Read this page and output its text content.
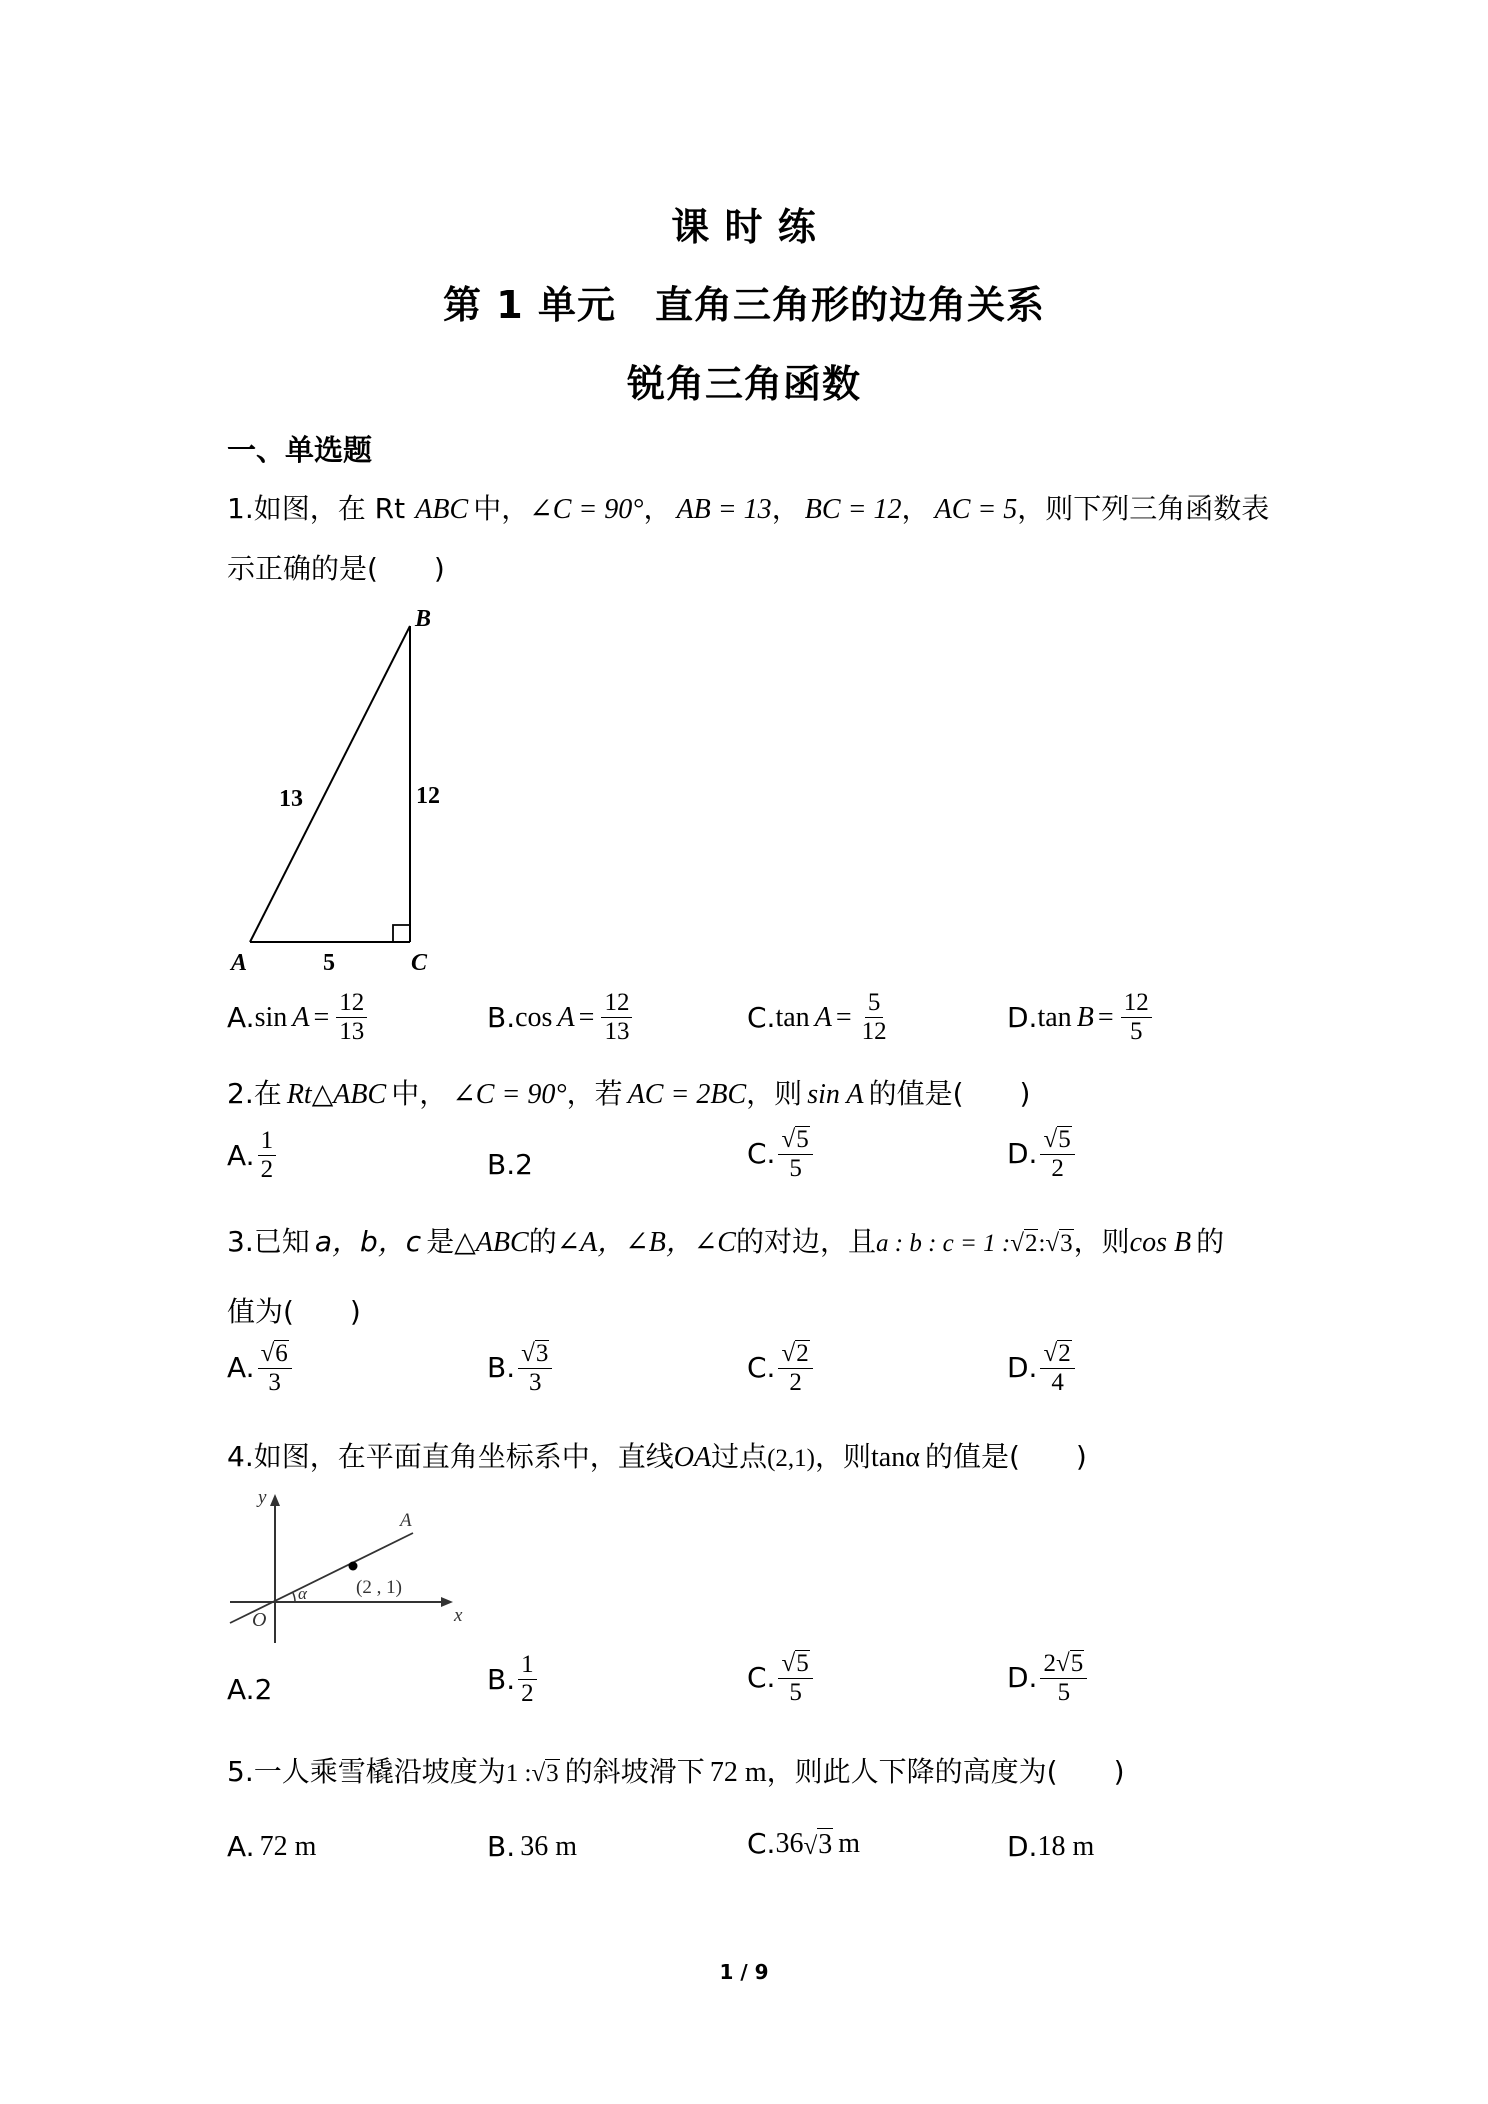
课 时 练
第 1 单元　直角三角形的边角关系
锐角三角函数
一、单选题
1.如图，在 Rt ABC 中，∠C = 90°， AB = 13， BC = 12， AC = 5，则下列三角函数表
示正确的是(　　)
B
A	C
13	12
5
A. sin
$A = \frac{12}{13}$	B. cos
$A = \frac{12}{13}$	C. tan
$A = \frac{5}{12}$	D. tan
$B = \frac{12}{5}$
2.在 Rt△ABC 中， ∠C = 90°，若 AC = 2BC，则 sin A 的值是(　　)
A. $\frac{1}{2}$	B. 2	C. $\frac{√ 5}{5}$	D. $\frac{√ 5}{2}$
3.已知 a，b，c 是△ABC的∠A，∠B，∠C的对边，且a : b : c = 1 : √ 2 : √ 3 ，则cos B 的
值为(　　)
A. $\frac{√ 6}{3}$	B. $\frac{√ 3}{3}$	C. $\frac{√ 2}{2}$	D. $\frac{√ 2}{4}$
4.如图，在平面直角坐标系中，直线OA过点(2,1)，则tanα 的值是(　　)
y
x
O
A
α	(2 , 1)
A. 2	B. $\frac{1}{2}$	C. $\frac{√ 5}{5}$	D. $\frac{2 √ 5}{5}$
5.一人乘雪橇沿坡度为1 : √ 3 的斜坡滑下 72 m，则此人下降的高度为(　　)
A.
72 m	B.
36 m	C. 36 √ 3
m	D. 18 m
1 / 9
